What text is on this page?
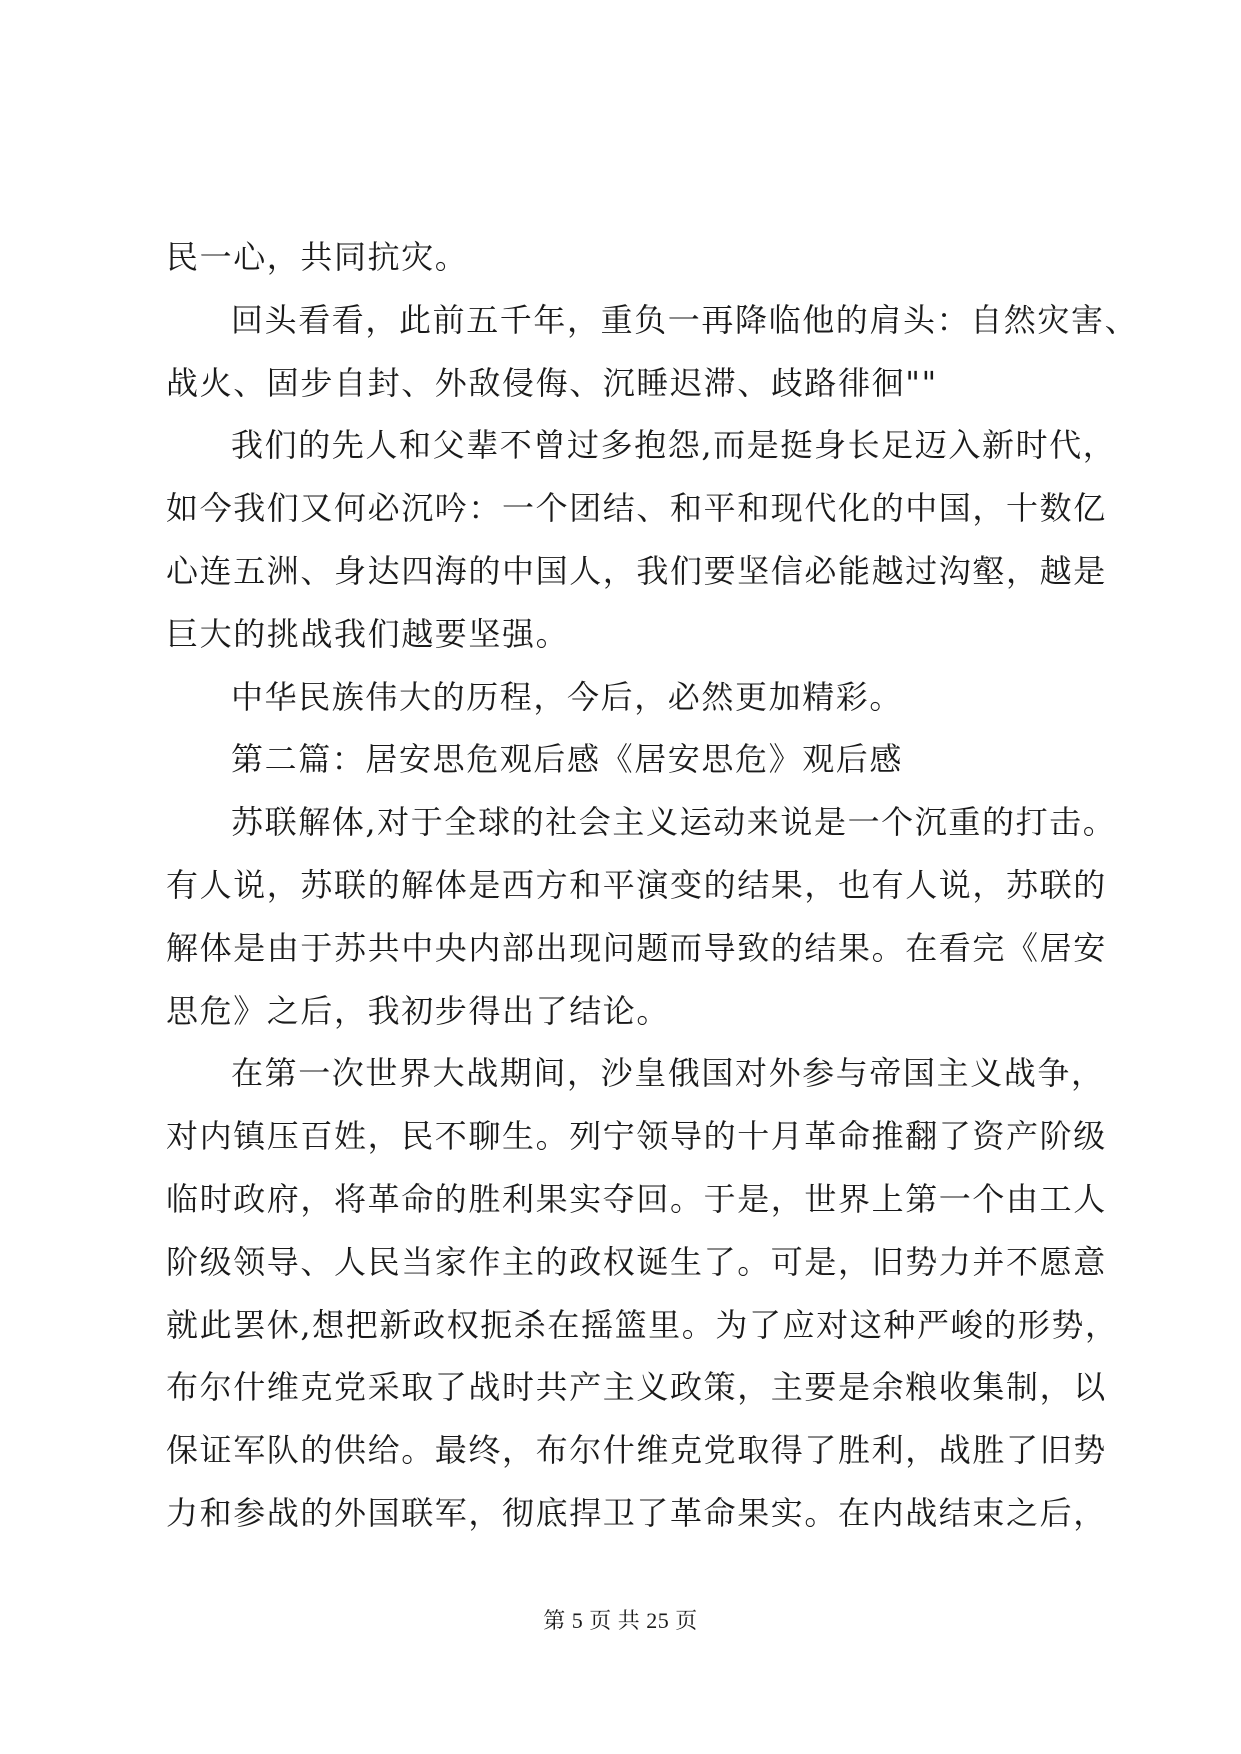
民一心，共同抗灾。
回头看看，此前五千年，重负一再降临他的肩头：自然灾害、
战火、固步自封、外敌侵侮、沉睡迟滞、歧路徘徊""
我们的先人和父辈不曾过多抱怨,而是挺身长足迈入新时代，
如今我们又何必沉吟：一个团结、和平和现代化的中国，十数亿
心连五洲、身达四海的中国人，我们要坚信必能越过沟壑，越是
巨大的挑战我们越要坚强。
中华民族伟大的历程，今后，必然更加精彩。
第二篇：居安思危观后感《居安思危》观后感
苏联解体,对于全球的社会主义运动来说是一个沉重的打击。
有人说，苏联的解体是西方和平演变的结果，也有人说，苏联的
解体是由于苏共中央内部出现问题而导致的结果。在看完《居安
思危》之后，我初步得出了结论。
在第一次世界大战期间，沙皇俄国对外参与帝国主义战争，
对内镇压百姓，民不聊生。列宁领导的十月革命推翻了资产阶级
临时政府，将革命的胜利果实夺回。于是，世界上第一个由工人
阶级领导、人民当家作主的政权诞生了。可是，旧势力并不愿意
就此罢休,想把新政权扼杀在摇篮里。为了应对这种严峻的形势，
布尔什维克党采取了战时共产主义政策，主要是余粮收集制，以
保证军队的供给。最终，布尔什维克党取得了胜利，战胜了旧势
力和参战的外国联军，彻底捍卫了革命果实。在内战结束之后，
第 5 页 共 25 页
